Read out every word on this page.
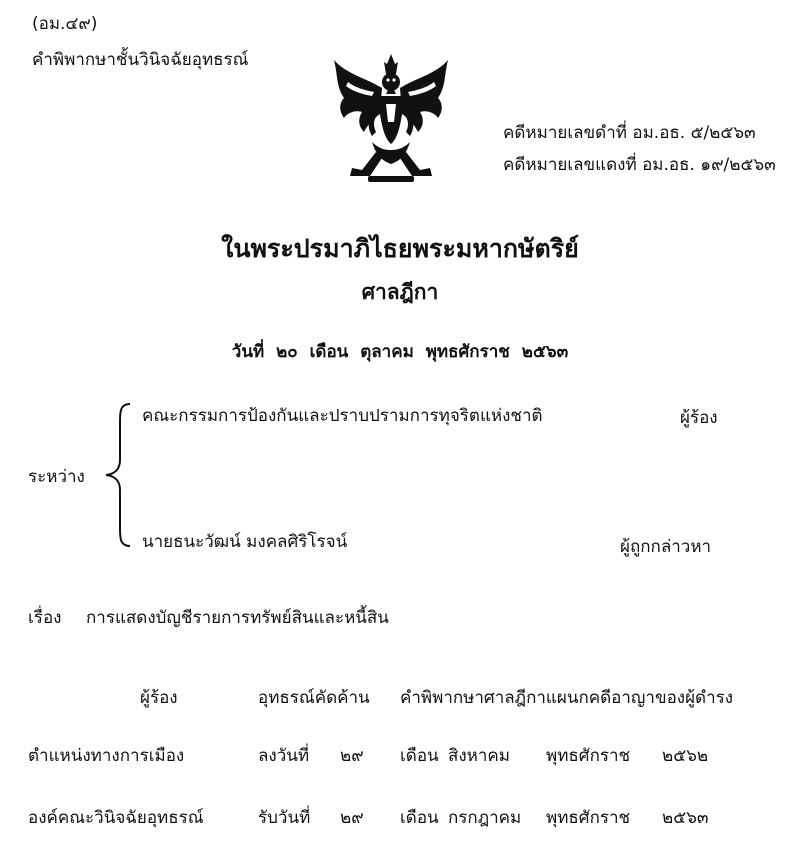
(อม.๔๙)
คำพิพากษาชั้นวินิจฉัยอุทธรณ์
คดีหมายเลขดำที่ อม.อธ. ๕/๒๕๖๓
คดีหมายเลขแดงที่ อม.อธ. ๑๙/๒๕๖๓
ในพระปรมาภิไธยพระมหากษัตริย์
ศาลฎีกา
วันที่ ๒๐ เดือน ตุลาคม พุทธศักราช ๒๕๖๓
ระหว่าง
คณะกรรมการป้องกันและปราบปรามการทุจริตแห่งชาติ	ผู้ร้อง
นายธนะวัฒน์ มงคลศิริโรจน์	ผู้ถูกกล่าวหา
เรื่อง การแสดงบัญชีรายการทรัพย์สินและหนี้สิน
ผู้ร้อง	อุทธรณ์คัดค้าน คำพิพากษาศาลฎีกาแผนกคดีอาญาของผู้ดำรง
ตำแหน่งทางการเมือง	ลงวันที่ ๒๙ เดือน สิงหาคม พุทธศักราช ๒๕๖๒
องค์คณะวินิจฉัยอุทธรณ์	รับวันที่ ๒๙ เดือน กรกฎาคม พุทธศักราช ๒๕๖๓
